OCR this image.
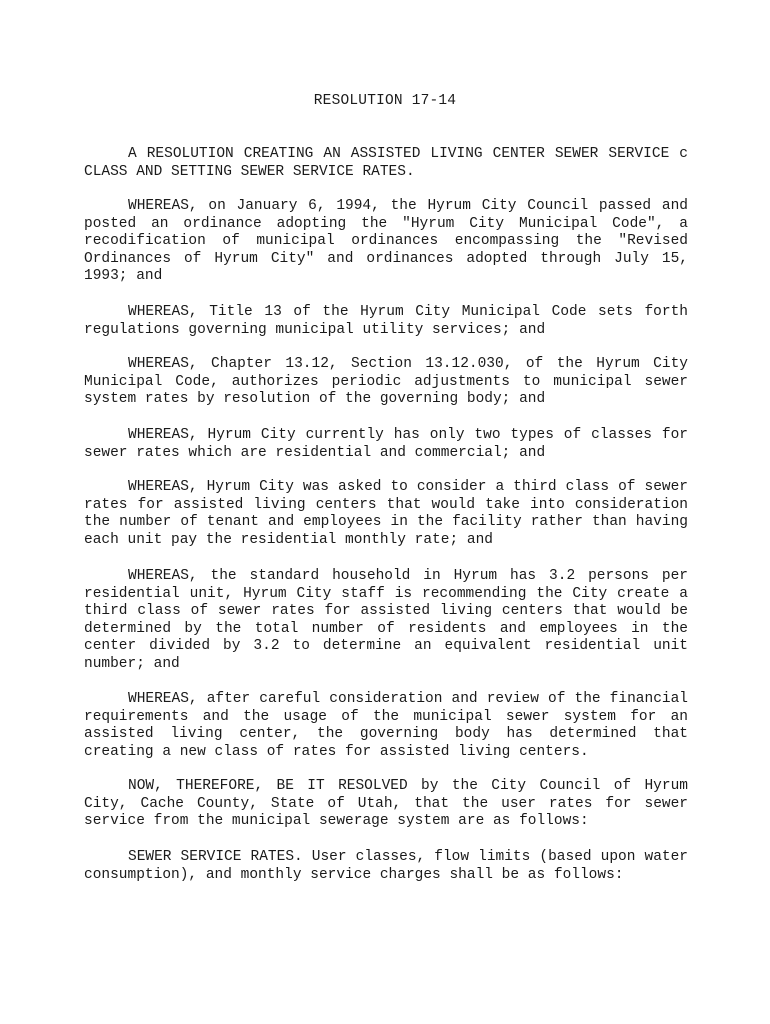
RESOLUTION 17-14

A RESOLUTION CREATING AN ASSISTED LIVING CENTER SEWER SERVICE c CLASS AND SETTING SEWER SERVICE RATES.

WHEREAS, on January 6, 1994, the Hyrum City Council passed and posted an ordinance adopting the "Hyrum City Municipal Code", a recodification of municipal ordinances encompassing the "Revised Ordinances of Hyrum City" and ordinances adopted through July 15, 1993; and

WHEREAS, Title 13 of the Hyrum City Municipal Code sets forth regulations governing municipal utility services; and

WHEREAS, Chapter 13.12, Section 13.12.030, of the Hyrum City Municipal Code, authorizes periodic adjustments to municipal sewer system rates by resolution of the governing body; and

WHEREAS, Hyrum City currently has only two types of classes for sewer rates which are residential and commercial; and

WHEREAS, Hyrum City was asked to consider a third class of sewer rates for assisted living centers that would take into consideration the number of tenant and employees in the facility rather than having each unit pay the residential monthly rate; and

WHEREAS, the standard household in Hyrum has 3.2 persons per residential unit, Hyrum City staff is recommending the City create a third class of sewer rates for assisted living centers that would be determined by the total number of residents and employees in the center divided by 3.2 to determine an equivalent residential unit number; and

WHEREAS, after careful consideration and review of the financial requirements and the usage of the municipal sewer system for an assisted living center, the governing body has determined that creating a new class of rates for assisted living centers.

NOW, THEREFORE, BE IT RESOLVED by the City Council of Hyrum City, Cache County, State of Utah, that the user rates for sewer service from the municipal sewerage system are as follows:

SEWER SERVICE RATES. User classes, flow limits (based upon water consumption), and monthly service charges shall be as follows:
